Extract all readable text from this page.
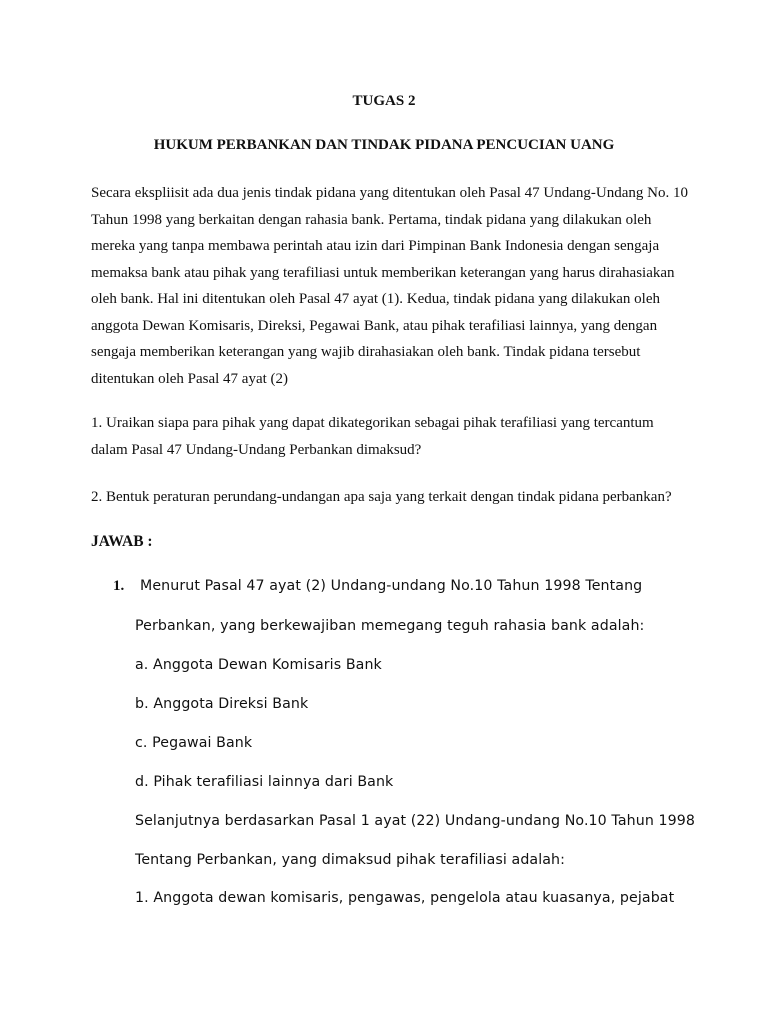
TUGAS 2
HUKUM PERBANKAN DAN TINDAK PIDANA PENCUCIAN UANG

Secara ekspliisit ada dua jenis tindak pidana yang ditentukan oleh Pasal 47 Undang-Undang No. 10 Tahun 1998 yang berkaitan dengan rahasia bank. Pertama, tindak pidana yang dilakukan oleh mereka yang tanpa membawa perintah atau izin dari Pimpinan Bank Indonesia dengan sengaja memaksa bank atau pihak yang terafiliasi untuk memberikan keterangan yang harus dirahasiakan oleh bank. Hal ini ditentukan oleh Pasal 47 ayat (1). Kedua, tindak pidana yang dilakukan oleh anggota Dewan Komisaris, Direksi, Pegawai Bank, atau pihak terafiliasi lainnya, yang dengan sengaja memberikan keterangan yang wajib dirahasiakan oleh bank. Tindak pidana tersebut ditentukan oleh Pasal 47 ayat (2)

1. Uraikan siapa para pihak yang dapat dikategorikan sebagai pihak terafiliasi yang tercantum dalam Pasal 47 Undang-Undang Perbankan dimaksud?

2. Bentuk peraturan perundang-undangan apa saja yang terkait dengan tindak pidana perbankan?

JAWAB :
1. Menurut Pasal 47 ayat (2) Undang-undang No.10 Tahun 1998 Tentang
Perbankan, yang berkewajiban memegang teguh rahasia bank adalah:
a. Anggota Dewan Komisaris Bank
b. Anggota Direksi Bank
c. Pegawai Bank
d. Pihak terafiliasi lainnya dari Bank
Selanjutnya berdasarkan Pasal 1 ayat (22) Undang-undang No.10 Tahun 1998
Tentang Perbankan, yang dimaksud pihak terafiliasi adalah:
1. Anggota dewan komisaris, pengawas, pengelola atau kuasanya, pejabat
